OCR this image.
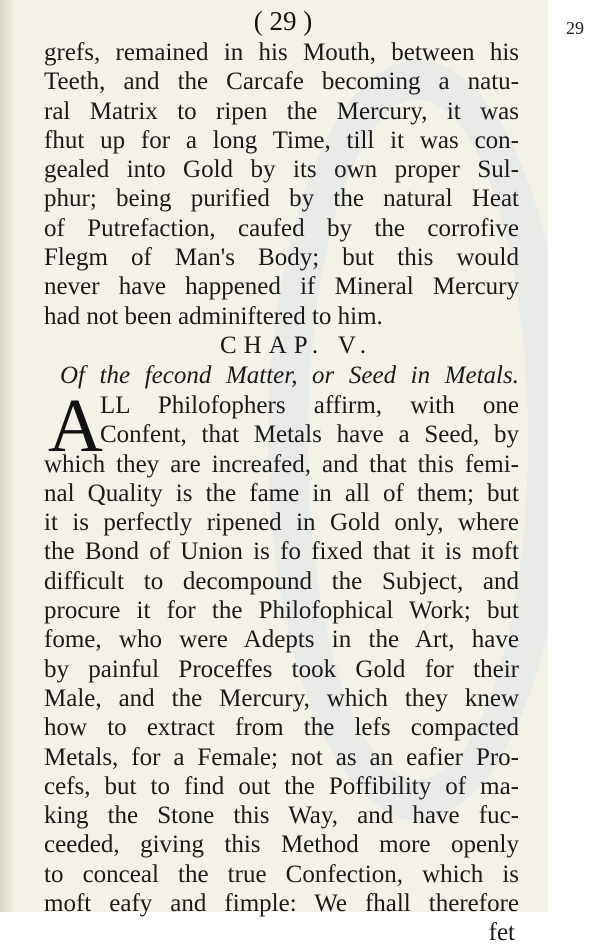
( 29 )	29
grefs, remained in his Mouth, between his
Teeth, and the Carcafe becoming a natu-
ral Matrix to ripen the Mercury, it was
fhut up for a long Time, till it was con-
gealed into Gold by its own proper Sul-
phur; being purified by the natural Heat
of Putrefaction, caufed by the corrofive
Flegm of Man's Body; but this would
never have happened if Mineral Mercury
had not been adminiftered to him.
CHAP. V.
Of the fecond Matter, or Seed in Metals.
A
LL Philofophers affirm, with one
Confent, that Metals have a Seed, by
which they are increafed, and that this femi-
nal Quality is the fame in all of them; but
it is perfectly ripened in Gold only, where
the Bond of Union is fo fixed that it is moft
difficult to decompound the Subject, and
procure it for the Philofophical Work; but
fome, who were Adepts in the Art, have
by painful Proceffes took Gold for their
Male, and the Mercury, which they knew
how to extract from the lefs compacted
Metals, for a Female; not as an eafier Pro-
cefs, but to find out the Poffibility of ma-
king the Stone this Way, and have fuc-
ceeded, giving this Method more openly
to conceal the true Confection, which is
moft eafy and fimple: We fhall therefore
fet
